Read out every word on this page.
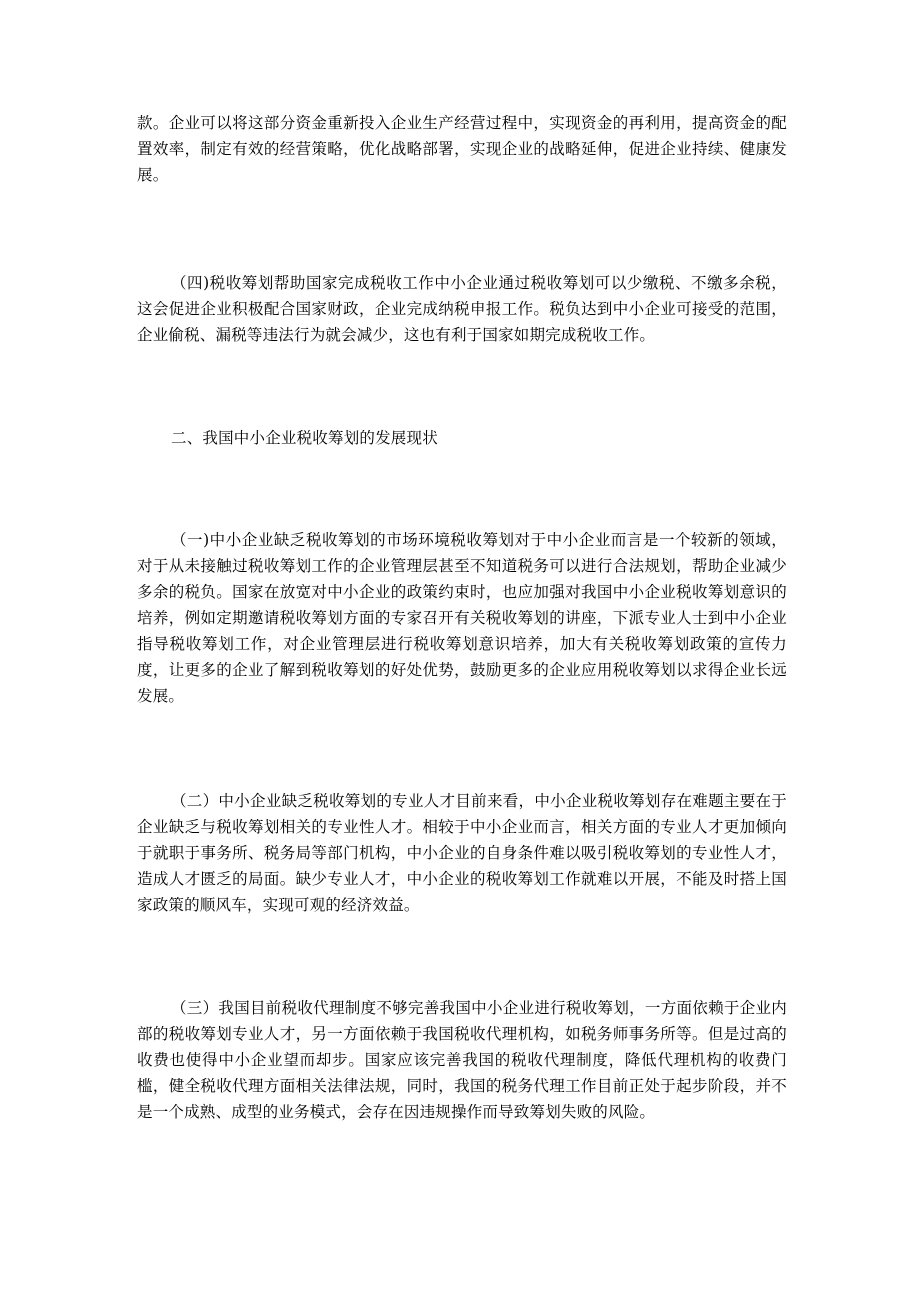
款。企业可以将这部分资金重新投入企业生产经营过程中，实现资金的再利用，提高资金的配置效率，制定有效的经营策略，优化战略部署，实现企业的战略延伸，促进企业持续、健康发展。

（四)税收筹划帮助国家完成税收工作中小企业通过税收筹划可以少缴税、不缴多余税，这会促进企业积极配合国家财政，企业完成纳税申报工作。税负达到中小企业可接受的范围，企业偷税、漏税等违法行为就会减少，这也有利于国家如期完成税收工作。

二、我国中小企业税收筹划的发展现状

（一)中小企业缺乏税收筹划的市场环境税收筹划对于中小企业而言是一个较新的领域，对于从未接触过税收筹划工作的企业管理层甚至不知道税务可以进行合法规划，帮助企业减少多余的税负。国家在放宽对中小企业的政策约束时，也应加强对我国中小企业税收筹划意识的培养，例如定期邀请税收筹划方面的专家召开有关税收筹划的讲座，下派专业人士到中小企业指导税收筹划工作，对企业管理层进行税收筹划意识培养，加大有关税收筹划政策的宣传力度，让更多的企业了解到税收筹划的好处优势，鼓励更多的企业应用税收筹划以求得企业长远发展。

（二）中小企业缺乏税收筹划的专业人才目前来看，中小企业税收筹划存在难题主要在于企业缺乏与税收筹划相关的专业性人才。相较于中小企业而言，相关方面的专业人才更加倾向于就职于事务所、税务局等部门机构，中小企业的自身条件难以吸引税收筹划的专业性人才，造成人才匮乏的局面。缺少专业人才，中小企业的税收筹划工作就难以开展，不能及时搭上国家政策的顺风车，实现可观的经济效益。

（三）我国目前税收代理制度不够完善我国中小企业进行税收筹划，一方面依赖于企业内部的税收筹划专业人才，另一方面依赖于我国税收代理机构，如税务师事务所等。但是过高的收费也使得中小企业望而却步。国家应该完善我国的税收代理制度，降低代理机构的收费门槛，健全税收代理方面相关法律法规，同时，我国的税务代理工作目前正处于起步阶段，并不是一个成熟、成型的业务模式，会存在因违规操作而导致筹划失败的风险。
